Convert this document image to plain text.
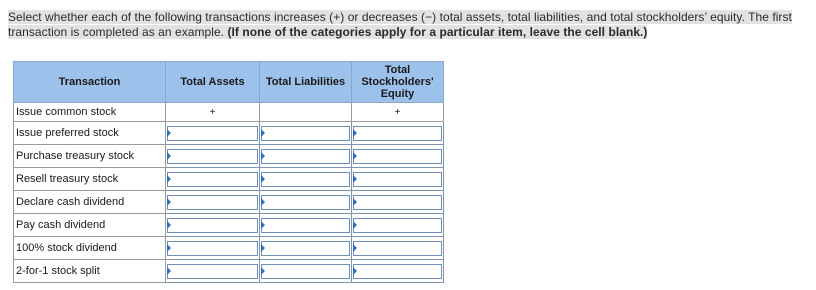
Select whether each of the following transactions increases (+) or decreases (−) total assets, total liabilities, and total stockholders’ equity. The first transaction is completed as an example. (If none of the categories apply for a particular item, leave the cell blank.)
Transaction	Total Assets	Total Liabilities	Total Stockholders' Equity
Issue common stock	+		+
Issue preferred stock	

Purchase treasury stock	

Resell treasury stock	

Declare cash dividend	

Pay cash dividend	

100% stock dividend	

2-for-1 stock split	
